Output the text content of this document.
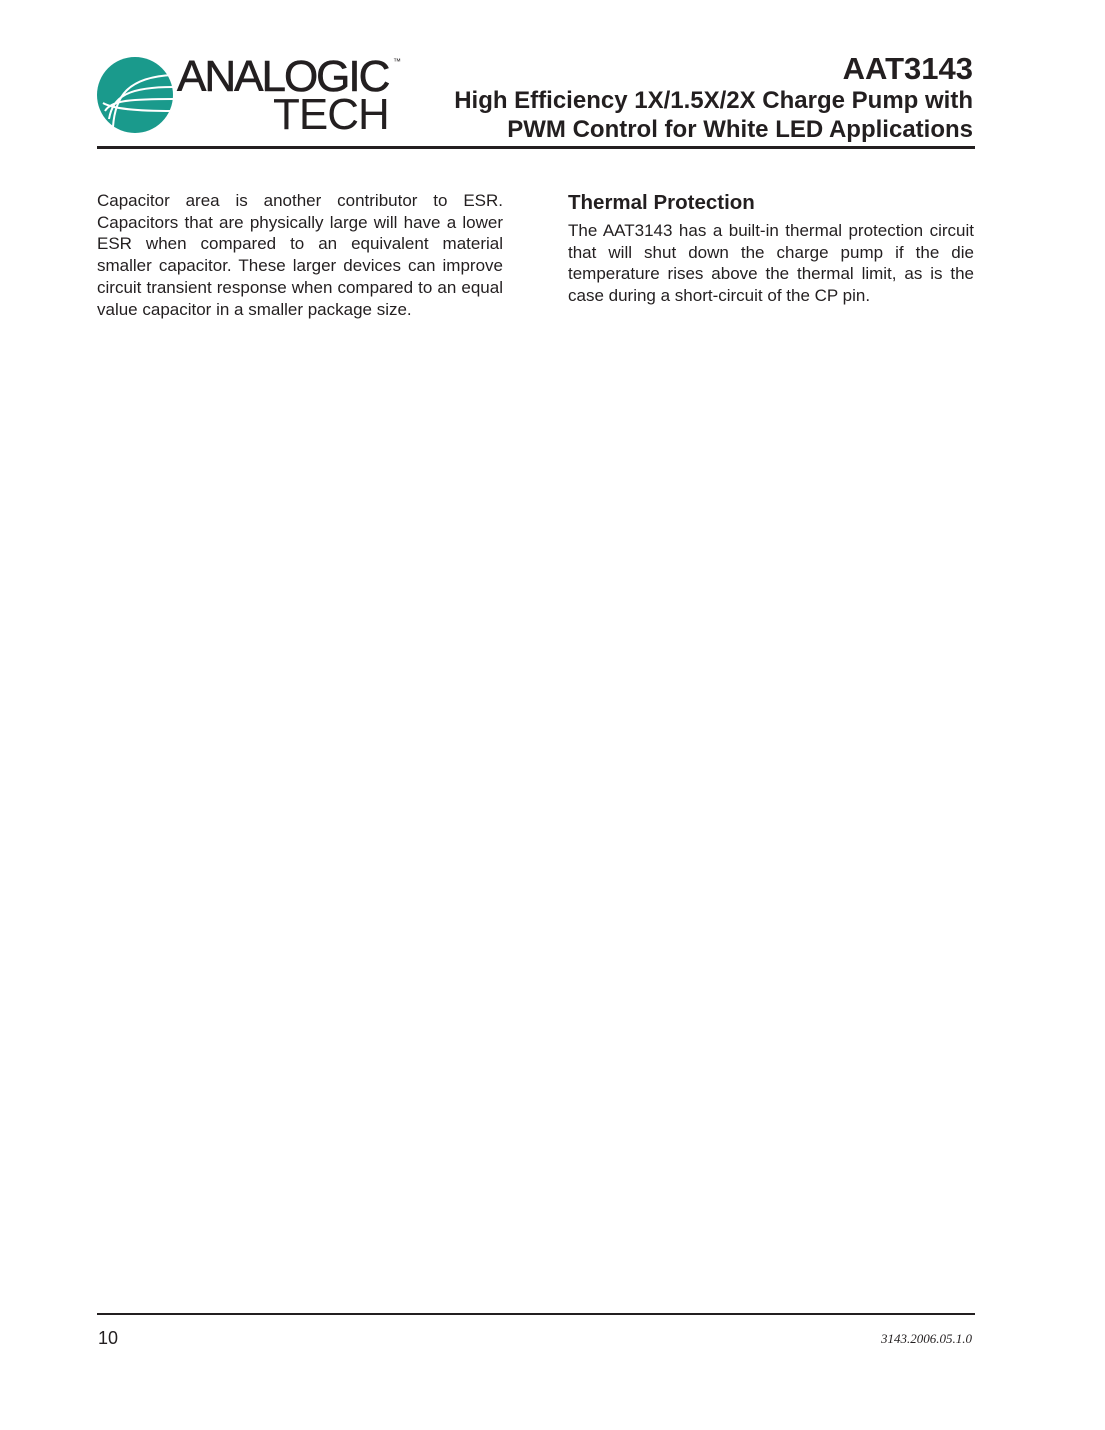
ANALOGIC ™
TECH
AAT3143
High Efficiency 1X/1.5X/2X Charge Pump with
PWM Control for White LED Applications

Capacitor area is another contributor to ESR. Capacitors that are physically large will have a lower ESR when compared to an equivalent material smaller capacitor. These larger devices can improve circuit transient response when compared to an equal value capacitor in a smaller package size.

Thermal Protection

The AAT3143 has a built-in thermal protection circuit that will shut down the charge pump if the die temperature rises above the thermal limit, as is the case during a short-circuit of the CP pin.

10	3143.2006.05.1.0
